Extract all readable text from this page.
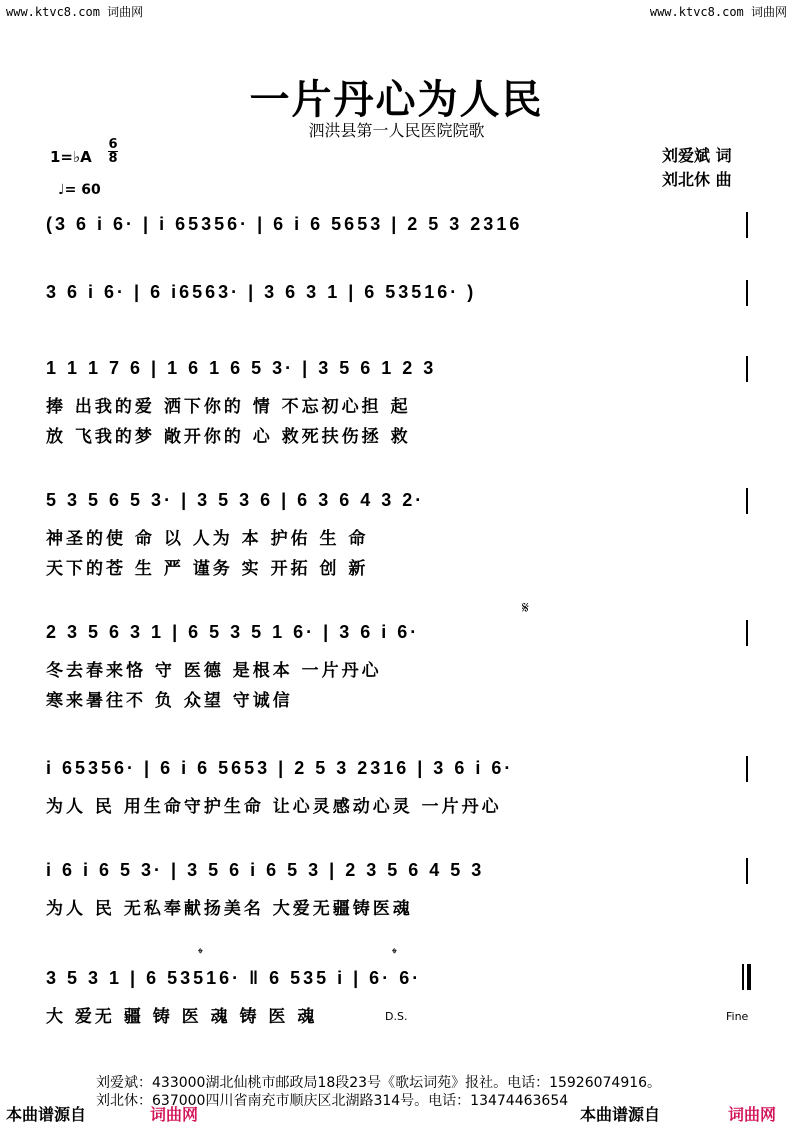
www.ktvc8.com 词曲网	www.ktvc8.com 词曲网
一片丹心为人民
泗洪县第一人民医院院歌
1=♭A
6
8
♩= 60
刘爱斌 词
刘北休 曲
(3 6 i 6· | i 65356· | 6 i 6 5653 | 2 5 3 2316
3 6 i 6· | 6 i6563· | 3 6 3 1 | 6 53516· )
1 1 1 7 6 | 1 6 1 6 5 3· | 3 5 6 1 2 3
捧 出我的爱 洒下你的 情 不忘初心担 起
放 飞我的梦 敞开你的 心 救死扶伤拯 救
5 3 5 6 5 3· | 3 5 3 6 | 6 3 6 4 3 2·
神圣的使 命 以 人为 本 护佑 生 命
天下的苍 生 严 谨务 实 开拓 创 新
𝄋
2 3 5 6 3 1 | 6 5 3 5 1 6· | 3 6 i 6·
冬去春来恪 守 医德 是根本 一片丹心
寒来暑往不 负 众望 守诚信
i 65356· | 6 i 6 5653 | 2 5 3 2316 | 3 6 i 6·
为人 民 用生命守护生命 让心灵感动心灵 一片丹心
i 6 i 6 5 3· | 3 5 6 i 6 5 3 | 2 3 5 6 4 5 3
为人 民 无私奉献扬美名 大爱无疆铸医魂
𝄌	𝄌
3 5 3 1 | 6 53516· ‖ 6 535 i | 6· 6·
大 爱无 疆 铸 医 魂 铸 医 魂	D.S.	Fine
刘爱斌：433000湖北仙桃市邮政局18段23号《歌坛词苑》报社。电话：15926074916。
刘北休：637000四川省南充市顺庆区北湖路314号。电话：13474463654
本曲谱源自	词曲网	本曲谱源自	词曲网
